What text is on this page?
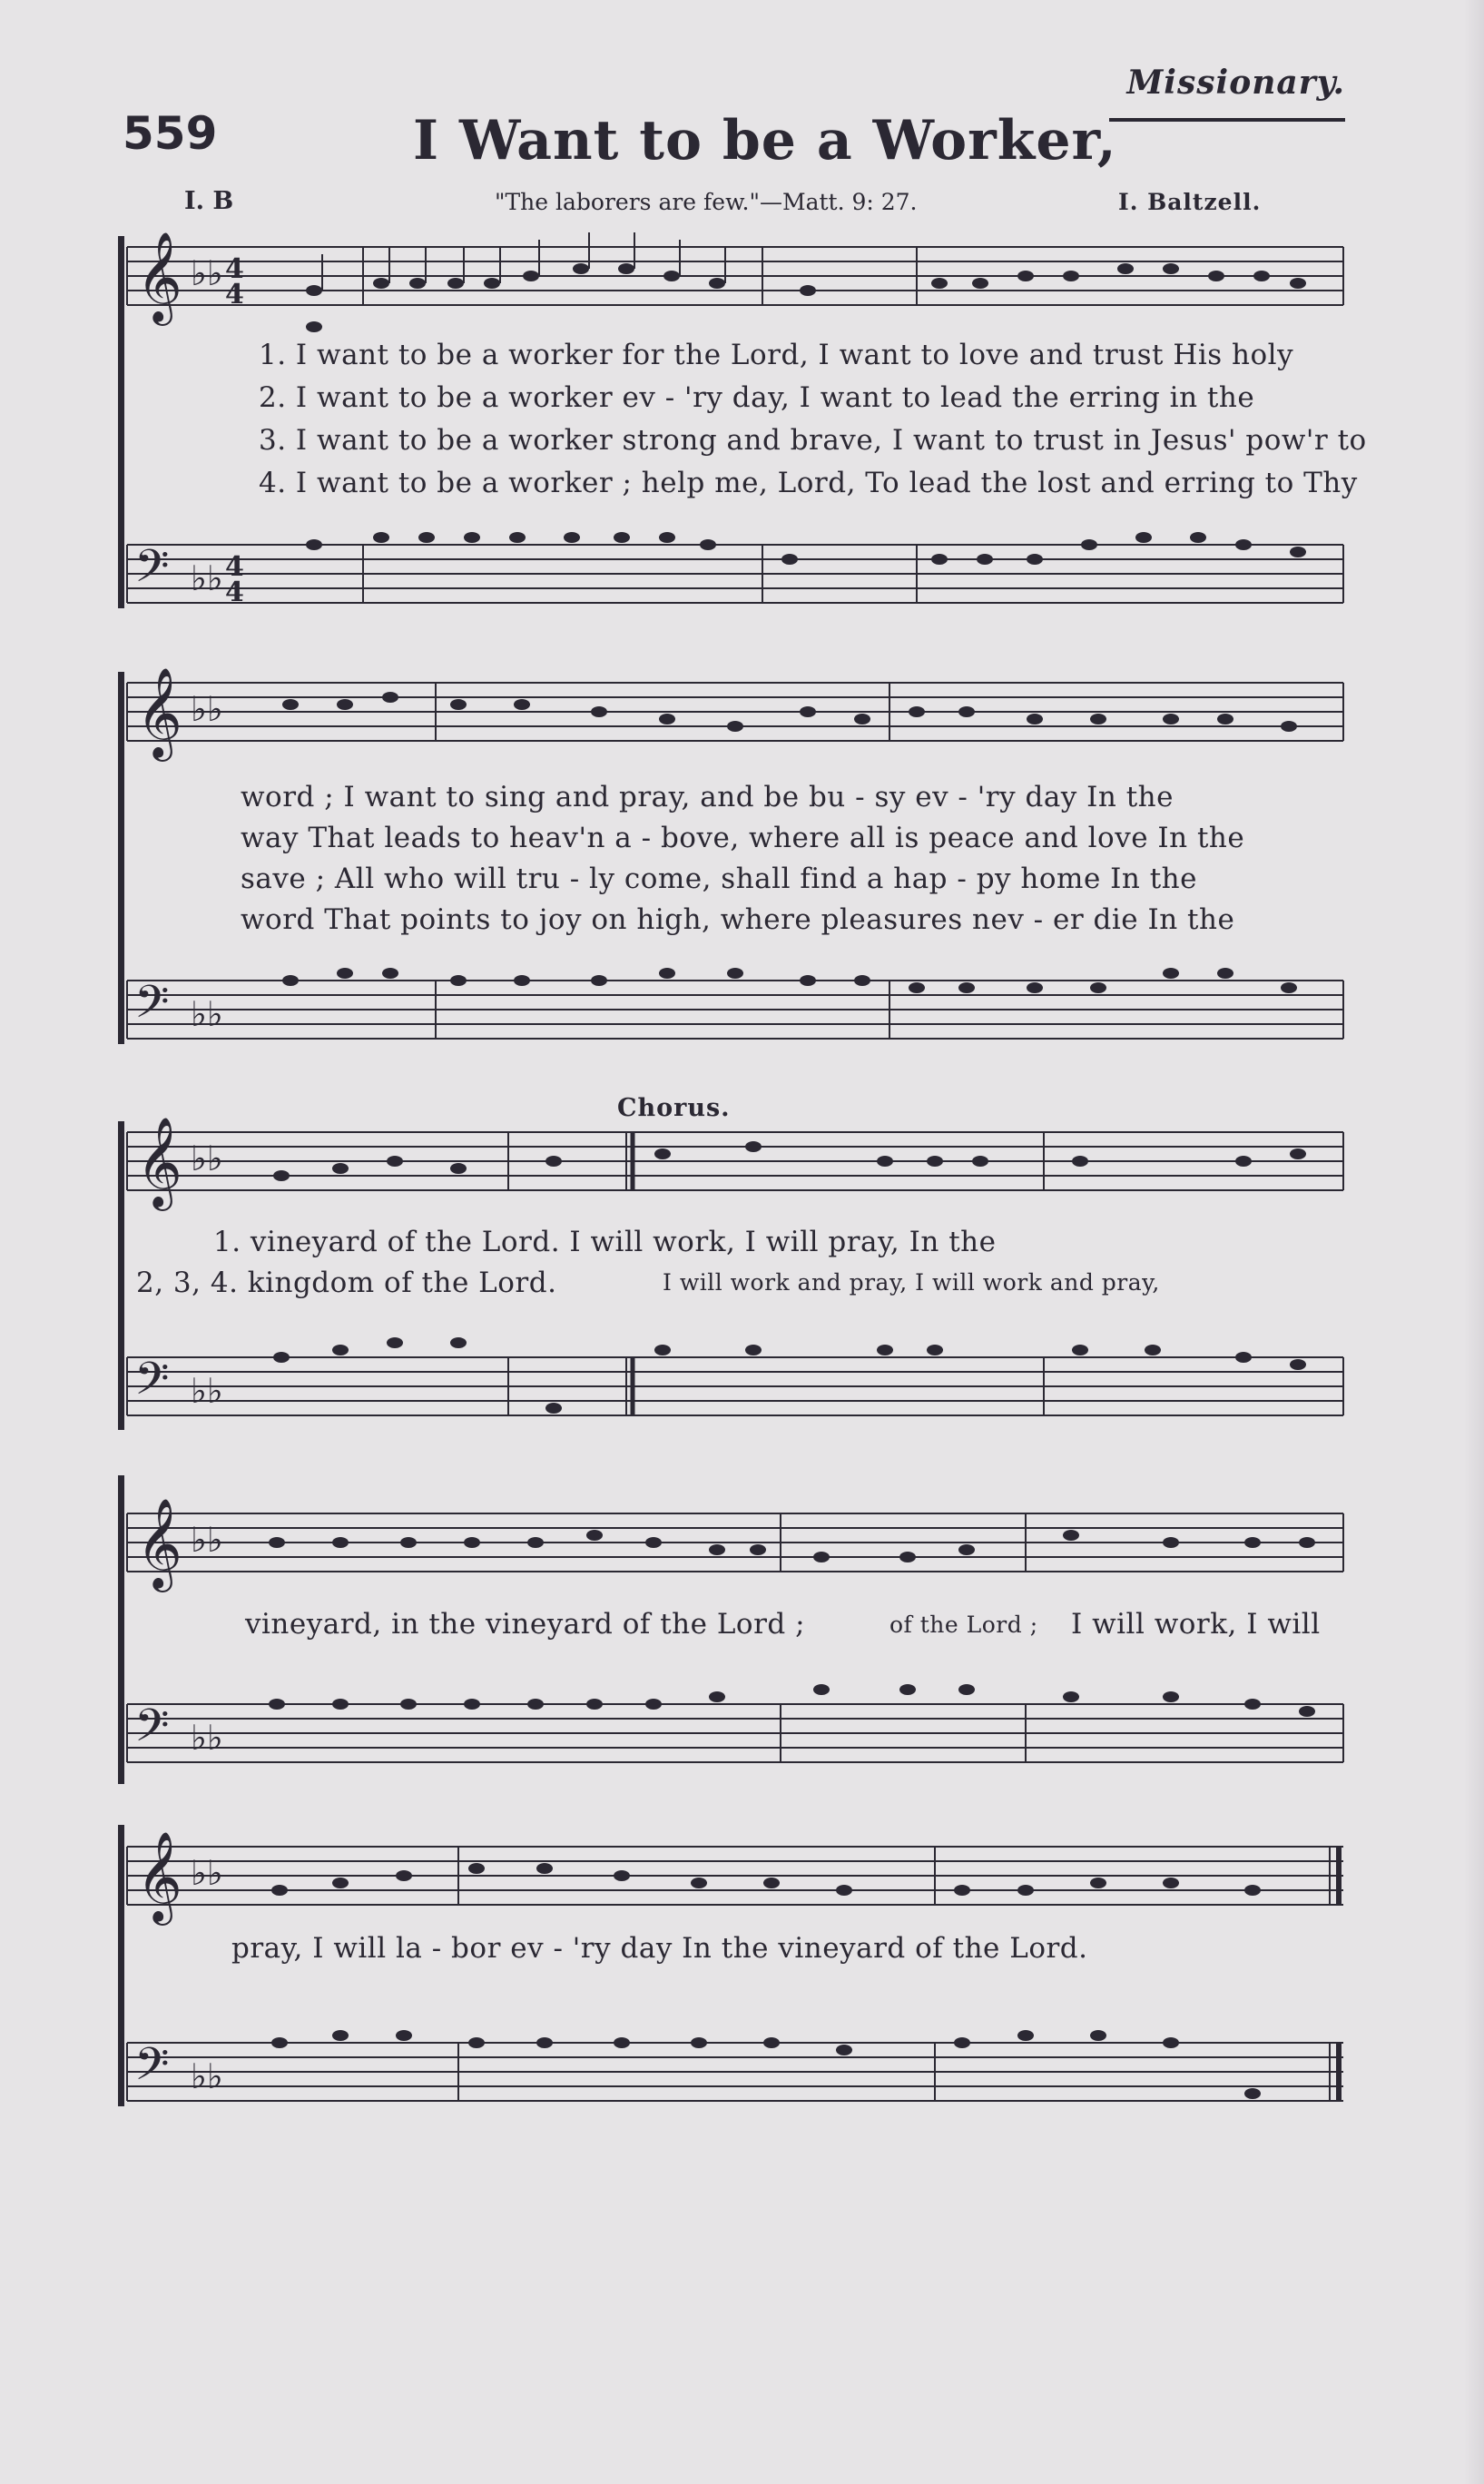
Missionary.
559	I Want to be a Worker,
I. B	"The laborers are few."—Matt. 9: 27.	I. Baltzell.
𝄞 ♭♭ 4
4
𝄢 ♭♭ 4
4
1. I want to be a worker for the Lord, I want to love and trust His holy
2. I want to be a worker ev - 'ry day, I want to lead the erring in the
3. I want to be a worker strong and brave, I want to trust in Jesus' pow'r to
4. I want to be a worker ; help me, Lord, To lead the lost and erring to Thy
𝄞 ♭♭
𝄢 ♭♭
word ; I want to sing and pray, and be bu - sy ev - 'ry day In the
way That leads to heav'n a - bove, where all is peace and love In the
save ; All who will tru - ly come, shall find a hap - py home In the
word That points to joy on high, where pleasures nev - er die In the
Chorus.
𝄞 ♭♭
𝄢 ♭♭
1. vineyard of the Lord. I will work, I will pray, In the
2, 3, 4. kingdom of the Lord.	I will work and pray, I will work and pray,
𝄞 ♭♭
𝄢 ♭♭
vineyard, in the vineyard of the Lord ;	of the Lord ; I will work, I will
𝄞 ♭♭
𝄢 ♭♭
pray, I will la - bor ev - 'ry day In the vineyard of the Lord.
